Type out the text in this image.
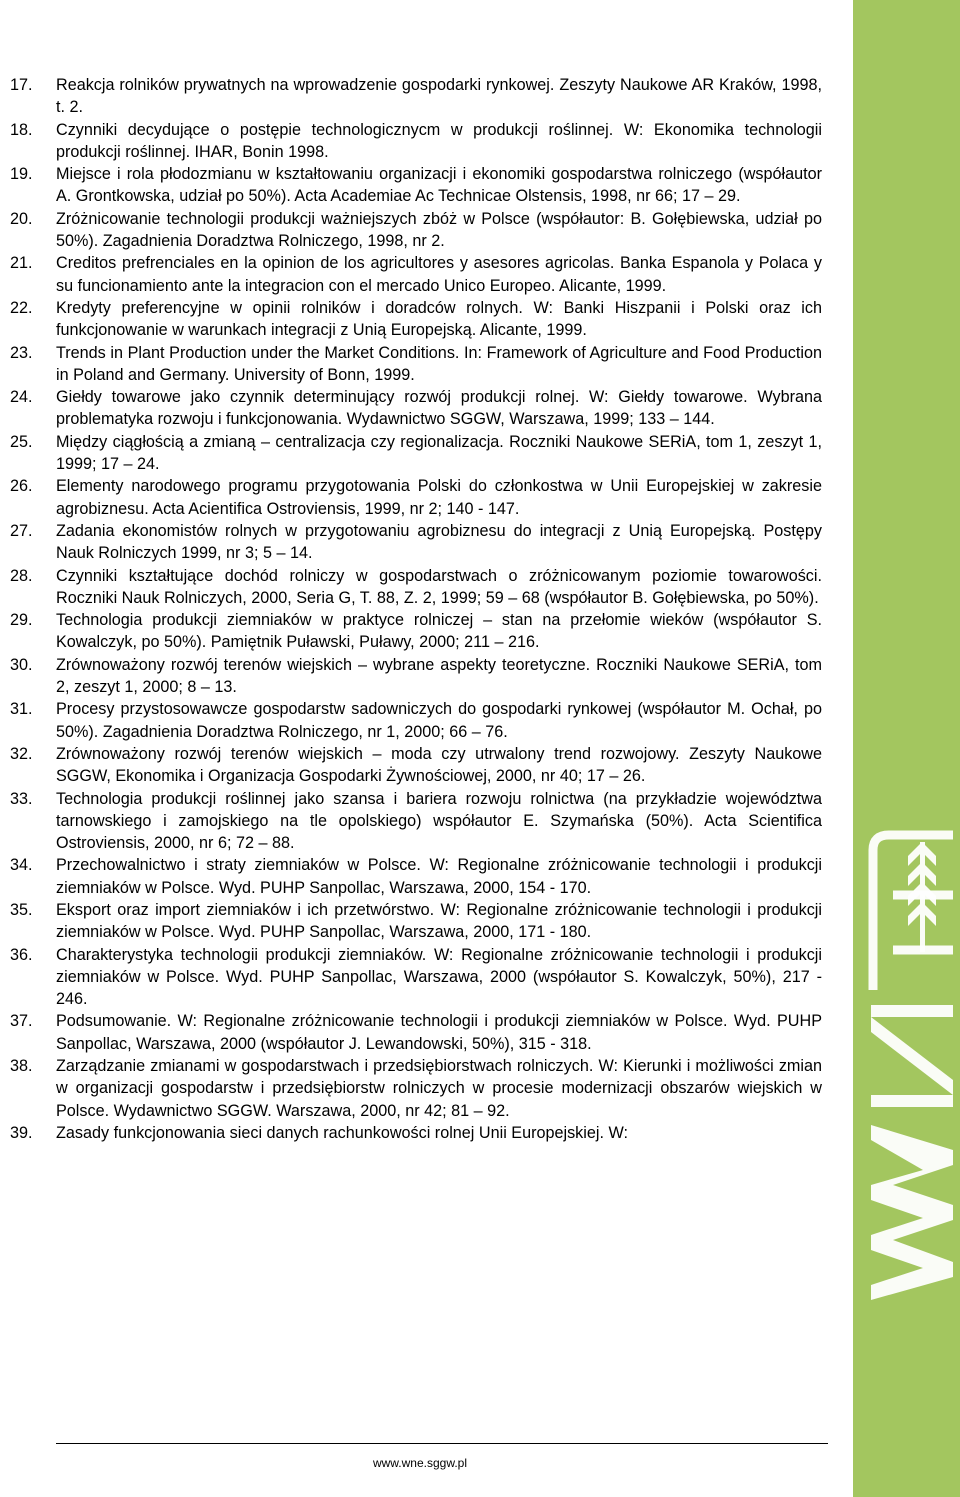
17.	Reakcja rolników prywatnych na wprowadzenie gospodarki rynkowej. Zeszyty Naukowe AR Kraków, 1998, t. 2.
18.	Czynniki decydujące o postępie technologicznycm w produkcji roślinnej. W: Ekonomika technologii produkcji roślinnej. IHAR, Bonin 1998.
19.	Miejsce i rola płodozmianu w kształtowaniu organizacji i ekonomiki gospodarstwa rolniczego (współautor A. Grontkowska, udział po 50%). Acta Academiae Ac Technicae Olstensis, 1998, nr 66; 17 – 29.
20.	Zróżnicowanie technologii produkcji ważniejszych zbóż w Polsce (współautor: B. Gołębiewska, udział po 50%). Zagadnienia Doradztwa Rolniczego, 1998, nr 2.
21.	Creditos prefrenciales en la opinion de los agricultores y asesores agricolas. Banka Espanola y Polaca y su funcionamiento ante la integracion con el mercado Unico Europeo. Alicante, 1999.
22.	Kredyty preferencyjne w opinii rolników i doradców rolnych. W: Banki Hiszpanii i Polski oraz ich funkcjonowanie w warunkach integracji z Unią Europejską. Alicante, 1999.
23.	Trends in Plant Production under the Market Conditions. In: Framework of Agriculture and Food Production in Poland and Germany. University of Bonn, 1999.
24.	Giełdy towarowe jako czynnik determinujący rozwój produkcji rolnej. W: Giełdy towarowe. Wybrana problematyka rozwoju i funkcjonowania. Wydawnictwo SGGW, Warszawa, 1999; 133 – 144.
25.	Między ciągłością a zmianą – centralizacja czy regionalizacja. Roczniki Naukowe SERiA, tom 1, zeszyt 1, 1999; 17 – 24.
26.	Elementy narodowego programu przygotowania Polski do członkostwa w Unii Europejskiej w zakresie agrobiznesu. Acta Acientifica Ostroviensis, 1999, nr 2; 140 - 147.
27.	Zadania ekonomistów rolnych w przygotowaniu agrobiznesu do integracji z Unią Europejską. Postępy Nauk Rolniczych 1999, nr 3; 5 – 14.
28.	Czynniki kształtujące dochód rolniczy w gospodarstwach o zróżnicowanym poziomie towarowości. Roczniki Nauk Rolniczych, 2000, Seria G, T. 88, Z. 2, 1999; 59 – 68 (współautor B. Gołębiewska, po 50%).
29.	Technologia produkcji ziemniaków w praktyce rolniczej – stan na przełomie wieków (współautor S. Kowalczyk, po 50%). Pamiętnik Puławski, Puławy, 2000; 211 – 216.
30.	Zrównoważony rozwój terenów wiejskich – wybrane aspekty teoretyczne. Roczniki Naukowe SERiA, tom 2, zeszyt 1, 2000; 8 – 13.
31.	Procesy przystosowawcze gospodarstw sadowniczych do gospodarki rynkowej (współautor M. Ochał, po 50%). Zagadnienia Doradztwa Rolniczego, nr 1, 2000; 66 – 76.
32.	Zrównoważony rozwój terenów wiejskich – moda czy utrwalony trend rozwojowy. Zeszyty Naukowe SGGW, Ekonomika i Organizacja Gospodarki Żywnościowej, 2000, nr 40; 17 – 26.
33.	Technologia produkcji roślinnej jako szansa i bariera rozwoju rolnictwa (na przykładzie województwa tarnowskiego i zamojskiego na tle opolskiego) współautor E. Szymańska (50%). Acta Scientifica Ostroviensis, 2000, nr 6; 72 – 88.
34.	Przechowalnictwo i straty ziemniaków w Polsce. W: Regionalne zróżnicowanie technologii i produkcji ziemniaków w Polsce. Wyd. PUHP Sanpollac, Warszawa, 2000, 154 - 170.
35.	Eksport oraz import ziemniaków i ich przetwórstwo. W: Regionalne zróżnicowanie technologii i produkcji ziemniaków w Polsce. Wyd. PUHP Sanpollac, Warszawa, 2000, 171 - 180.
36.	Charakterystyka technologii produkcji ziemniaków. W: Regionalne zróżnicowanie technologii i produkcji ziemniaków w Polsce. Wyd. PUHP Sanpollac, Warszawa, 2000 (współautor S. Kowalczyk, 50%), 217 - 246.
37.	Podsumowanie. W: Regionalne zróżnicowanie technologii i produkcji ziemniaków w Polsce. Wyd. PUHP Sanpollac, Warszawa, 2000 (współautor J. Lewandowski, 50%), 315 - 318.
38.	Zarządzanie zmianami w gospodarstwach i przedsiębiorstwach rolniczych. W: Kierunki i możliwości zmian w organizacji gospodarstw i przedsiębiorstw rolniczych w procesie modernizacji obszarów wiejskich w Polsce. Wydawnictwo SGGW. Warszawa, 2000, nr 42; 81 – 92.
39.	Zasady funkcjonowania sieci danych rachunkowości rolnej Unii Europejskiej. W:
www.wne.sggw.pl
